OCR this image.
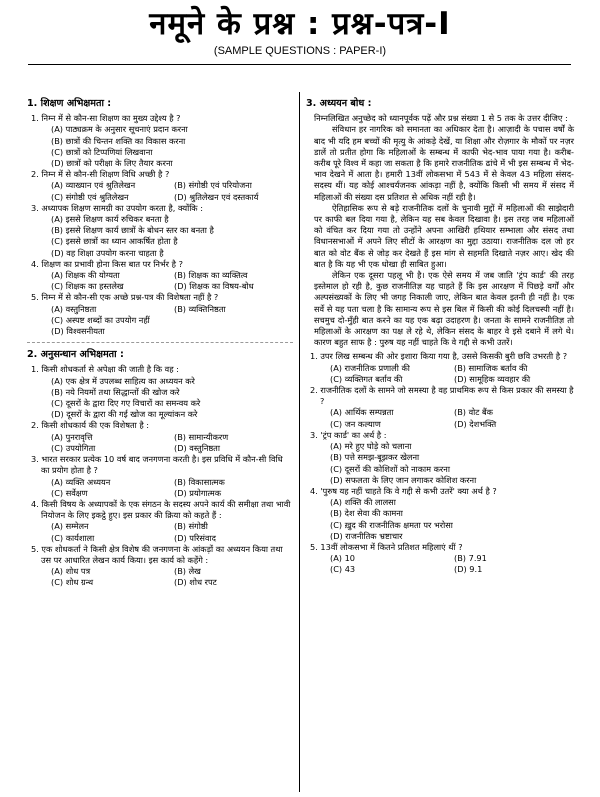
नमूने के प्रश्न : प्रश्न-पत्र-I
(SAMPLE QUESTIONS : PAPER-I)
1. शिक्षण अभिक्षमता :
1. निम्न में से कौन-सा शिक्षण का मुख्य उद्देश्य है ?
(A) पाठ्यक्रम के अनुसार सूचनाएं प्रदान करना
(B) छात्रों की चिन्तन शक्ति का विकास करना
(C) छात्रों को टिप्पणियां लिखवाना
(D) छात्रों को परीक्षा के लिए तैयार करना
2. निम्न में से कौन-सी शिक्षण विधि अच्छी है ?
(A) व्याख्यान एवं श्रुतिलेखन	(B) संगोष्ठी एवं परियोजना
(C) संगोष्ठी एवं श्रुतिलेखन	(D) श्रुतिलेखन एवं दस्तकार्य
3. अध्यापक शिक्षण सामग्री का उपयोग करता है, क्योंकि :
(A) इससे शिक्षण कार्य रुचिकर बनता है
(B) इससे शिक्षण कार्य छात्रों के बोधन स्तर का बनता है
(C) इससे छात्रों का ध्यान आकर्षित होता है
(D) वह शिक्षा उपयोग करना चाहता है
4. शिक्षण का प्रभावी होना किस बात पर निर्भर है ?
(A) शिक्षक की योग्यता	(B) शिक्षक का व्यक्तित्व
(C) शिक्षक का हस्तलेख	(D) शिक्षक का विषय-बोध
5. निम्न में से कौन-सी एक अच्छे प्रश्न-पत्र की विशेषता नहीं है ?
(A) वस्तुनिष्ठता	(B) व्यक्तिनिष्ठता
(C) अस्पष्ट शब्दों का उपयोग नहीं
(D) विश्वसनीयता
2. अनुसन्धान अभिक्षमता :
1. किसी शोधकर्ता से अपेक्षा की जाती है कि वह :
(A) एक क्षेत्र में उपलब्ध साहित्य का अध्ययन करे
(B) नये नियमों तथा सिद्धान्तों की खोज करे
(C) दूसरों के द्वारा दिए गए विचारों का समन्वय करे
(D) दूसरों के द्वारा की गई खोज का मूल्यांकन करे
2. किसी शोधकार्य की एक विशेषता है :
(A) पुनरावृत्ति	(B) सामान्यीकरण
(C) उपयोगिता	(D) वस्तुनिष्ठता
3. भारत सरकार प्रत्येक 10 वर्ष बाद जनगणना करती है। इस प्रविधि में कौन-सी विधि का प्रयोग होता है ?
(A) व्यक्ति अध्ययन	(B) विकासात्मक
(C) सर्वेक्षण	(D) प्रयोगात्मक
4. किसी विषय के अध्यापकों के एक संगठन के सदस्य अपने कार्य की समीक्षा तथा भावी नियोजन के लिए इकट्ठे हुए। इस प्रकार की क्रिया को कहते हैं :
(A) सम्मेलन	(B) संगोष्ठी
(C) कार्यशाला	(D) परिसंवाद
5. एक शोधकर्ता ने किसी क्षेत्र विशेष की जनगणना के आंकड़ों का अध्ययन किया तथा उस पर आधारित लेखन कार्य किया। इस कार्य को कहेंगे :
(A) शोध पत्र	(B) लेख
(C) शोध ग्रन्थ	(D) शोध रपट
3. अध्ययन बोध :
निम्नलिखित अनुच्छेद को ध्यानपूर्वक पढ़ें और प्रश्न संख्या 1 से 5 तक के उत्तर दीजिए :
संविधान हर नागरिक को समानता का अधिकार देता है। आज़ादी के पचास वर्षों के बाद भी यदि हम बच्चों की मृत्यु के आंकड़े देखें, या शिक्षा और रोज़गार के मौकों पर नज़र डालें तो प्रतीत होगा कि महिलाओं के सम्बन्ध में काफी भेद-भाव पाया गया है। करीब-करीब पूरे विश्व में कहा जा सकता है कि हमारे राजनीतिक ढांचे में भी इस सम्बन्ध में भेद-भाव देखने में आता है। हमारी 13वीं लोकसभा में 543 में से केवल 43 महिला संसद-सदस्य थीं। यह कोई आश्चर्यजनक आंकड़ा नहीं है, क्योंकि किसी भी समय में संसद में महिलाओं की संख्या दस प्रतिशत से अधिक नहीं रही है।
ऐतिहासिक रूप से बड़े राजनीतिक दलों के चुनावी मुद्दों में महिलाओं की साझेदारी पर काफी बल दिया गया है, लेकिन यह सब केवल दिखावा है। इस तरह जब महिलाओं को वंचित कर दिया गया तो उन्होंने अपना आखिरी हथियार सम्भाला और संसद तथा विधानसभाओं में अपने लिए सीटों के आरक्षण का मुद्दा उठाया। राजनीतिक दल जो हर बात को वोट बैंक से जोड़ कर देखते हैं इस मांग से सहमति दिखाते नज़र आए। खेद की बात है कि यह भी एक धोखा ही साबित हुआ।
लेकिन एक दूसरा पहलू भी है। एक ऐसे समय में जब जाति 'ट्रंप कार्ड' की तरह इस्तेमाल हो रही है, कुछ राजनीतिज्ञ यह चाहते हैं कि इस आरक्षण में पिछड़े वर्गों और अल्पसंख्यकों के लिए भी जगह निकाली जाए, लेकिन बात केवल इतनी ही नहीं है। एक सर्वे से यह पता चला है कि सामान्य रूप से इस बिल में किसी की कोई दिलचस्पी नहीं है। सचमुच दो-मुँही बात करने का यह एक बढ़ा उदाहरण है। जनता के सामने राजनीतिज्ञ तो महिलाओं के आरक्षण का पक्ष ले रहे थे, लेकिन संसद के बाहर वे इसे दबाने में लगे थे। कारण बहुत साफ है : पुरुष यह नहीं चाहते कि वे गद्दी से कभी उतरें।
1. उपर लिख सम्बन्ध की ओर इशारा किया गया है, उससे किसकी बुरी छवि उभरती है ?
(A) राजनीतिक प्रणाली की	(B) सामाजिक बर्ताव की
(C) व्यक्तिगत बर्ताव की	(D) सामूहिक व्यवहार की
2. राजनीतिक दलों के सामने जो समस्या है वह प्राथमिक रूप से किस प्रकार की समस्या है ?
(A) आर्थिक सम्पन्नता	(B) वोट बैंक
(C) जन कल्याण	(D) देशभक्ति
3. 'ट्रंप कार्ड' का अर्थ है :
(A) मरे हुए घोड़े को चलाना
(B) पत्ते समझ-बूझकर खेलना
(C) दूसरों की कोशिशों को नाकाम करना
(D) सफलता के लिए जान लगाकर कोशिश करना
4. 'पुरुष यह नहीं चाहते कि वे गद्दी से कभी उतरें' क्या अर्थ है ?
(A) शक्ति की लालसा
(B) देश सेवा की कामना
(C) ख़ुद की राजनीतिक क्षमता पर भरोसा
(D) राजनीतिक भ्रष्टाचार
5. 13वीं लोकसभा में कितने प्रतिशत महिलाएं थीं ?
(A) 10	(B) 7.91
(C) 43	(D) 9.1
